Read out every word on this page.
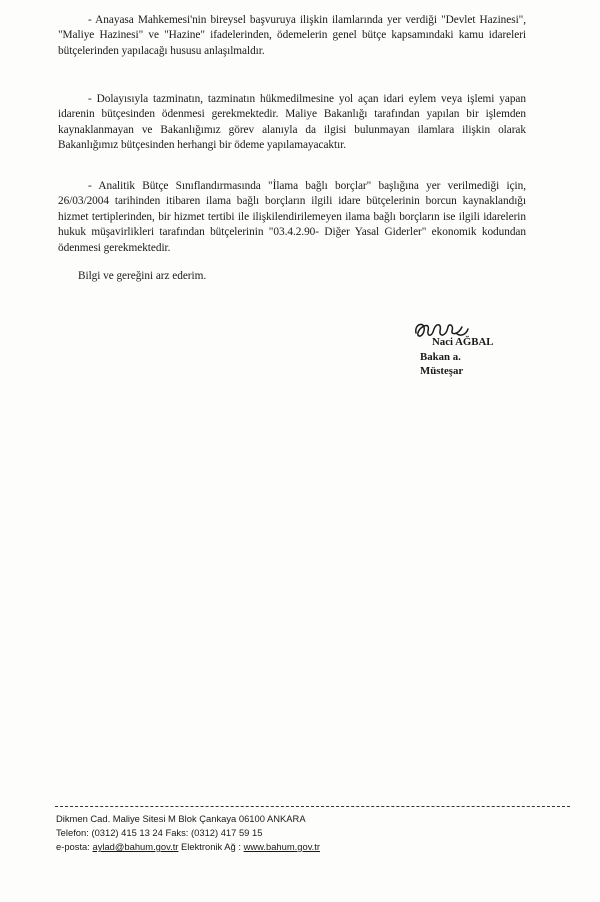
- Anayasa Mahkemesi'nin bireysel başvuruya ilişkin ilamlarında yer verdiği "Devlet Hazinesi", "Maliye Hazinesi" ve "Hazine" ifadelerinden, ödemelerin genel bütçe kapsamındaki kamu idareleri bütçelerinden yapılacağı hususu anlaşılmaldır.
- Dolayısıyla tazminatın, tazminatın hükmedilmesine yol açan idari eylem veya işlemi yapan idarenin bütçesinden ödenmesi gerekmektedir. Maliye Bakanlığı tarafından yapılan bir işlemden kaynaklanmayan ve Bakanlığımız görev alanıyla da ilgisi bulunmayan ilamlara ilişkin olarak Bakanlığımız bütçesinden herhangi bir ödeme yapılamayacaktır.
- Analitik Bütçe Sınıflandırmasında "İlama bağlı borçlar" başlığına yer verilmediği için, 26/03/2004 tarihinden itibaren ilama bağlı borçların ilgili idare bütçelerinin borcun kaynaklandığı hizmet tertiplerinden, bir hizmet tertibi ile ilişkilendirilemeyen ilama bağlı borçların ise ilgili idarelerin hukuk müşavirlikleri tarafından bütçelerinin "03.4.2.90- Diğer Yasal Giderler" ekonomik kodundan ödenmesi gerekmektedir.
Bilgi ve gereğini arz ederim.
Naci AĞBAL
Bakan a.
Müsteşar
Dikmen Cad. Maliye Sitesi M Blok Çankaya 06100 ANKARA
Telefon: (0312) 415 13 24 Faks: (0312) 417 59 15
e-posta: aylad@bahum.gov.tr Elektronik Ağ : www.bahum.gov.tr
